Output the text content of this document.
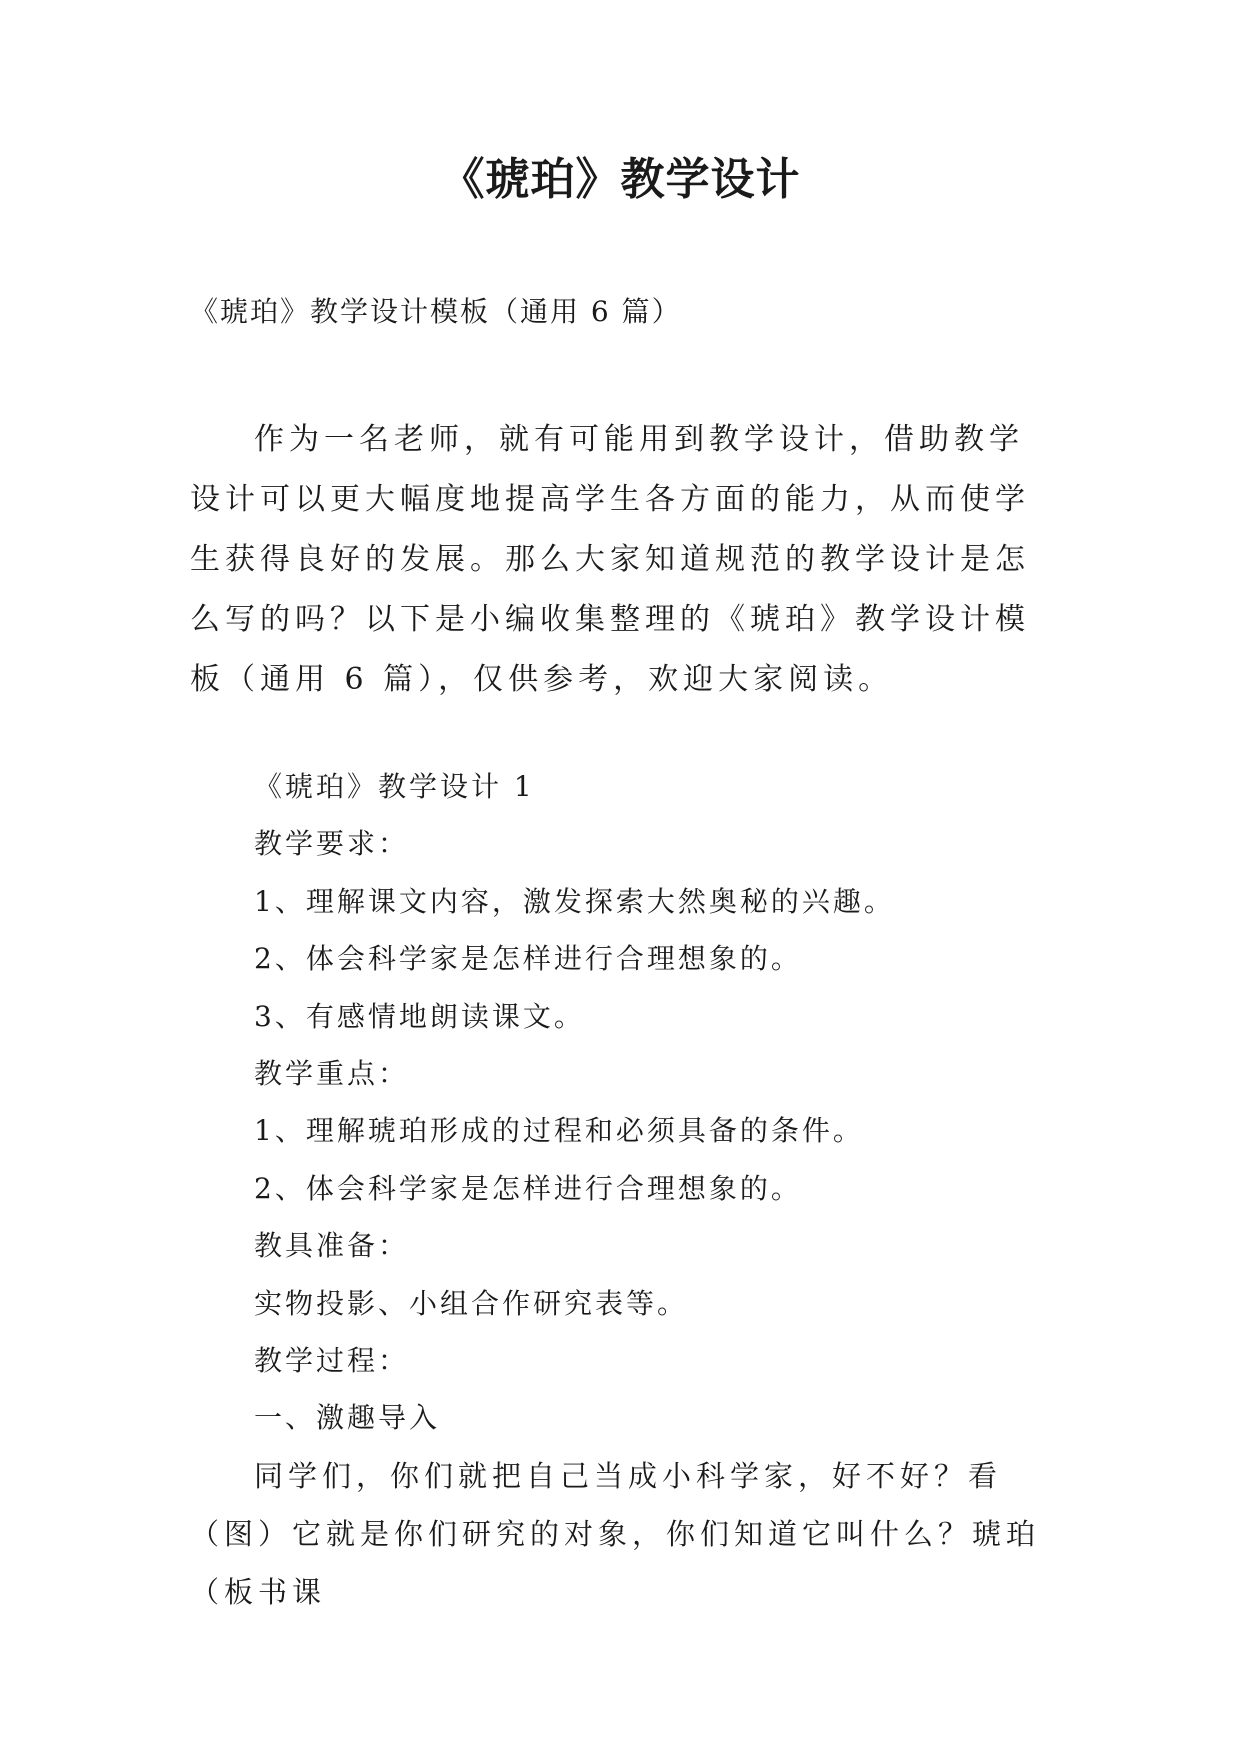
《琥珀》教学设计
《琥珀》教学设计模板（通用 6 篇）

作为一名老师，就有可能用到教学设计，借助教学设计可以更大幅度地提高学生各方面的能力，从而使学生获得良好的发展。那么大家知道规范的教学设计是怎么写的吗？以下是小编收集整理的《琥珀》教学设计模板（通用 6 篇），仅供参考，欢迎大家阅读。

《琥珀》教学设计 1
教学要求：
1、理解课文内容，激发探索大然奥秘的兴趣。
2、体会科学家是怎样进行合理想象的。
3、有感情地朗读课文。
教学重点：
1、理解琥珀形成的过程和必须具备的条件。
2、体会科学家是怎样进行合理想象的。
教具准备：
实物投影、小组合作研究表等。
教学过程：
一、激趣导入

同学们，你们就把自己当成小科学家，好不好？看（图）它就是你们研究的对象，你们知道它叫什么？琥珀（板书课
